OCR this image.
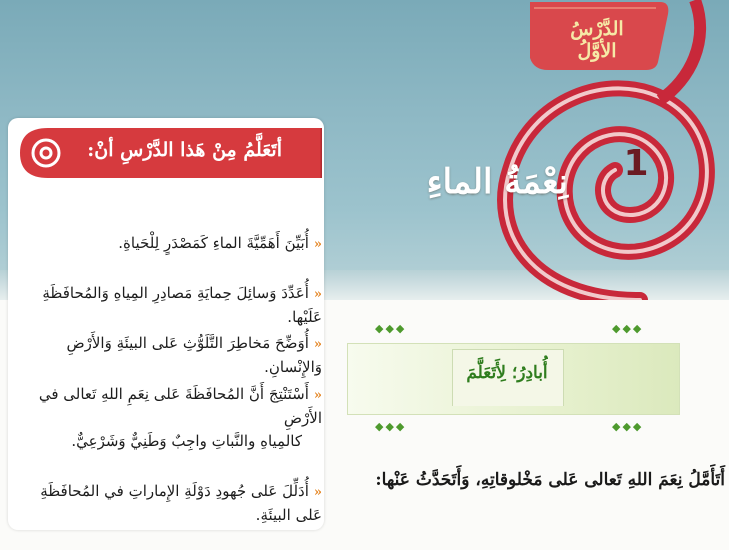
الدَّرْسُ الأوَّلُ
1
نِعْمَةُ الماءِ
أتَعَلَّمُ مِنْ هَذا الدَّرْسِ أنْ:
«أُبَيِّنَ أَهَمِّيَّةَ الماءِ كَمَصْدَرٍ لِلْحَياةِ.
«أُعَدِّدَ وَسائِلَ حِمايَةِ مَصادِرِ المِياهِ وَالمُحافَظَةِ عَلَيْها.
«أُوَضِّحَ مَخاطِرَ التَّلَوُّثِ عَلى البيئَةِ وَالأَرْضِ وَالإِنْسانِ.
«أَسْتَنْتِجَ أَنَّ المُحافَظَةَ عَلى نِعَمِ اللهِ تَعالى في الأَرْضِ
كالمِياهِ والنَّباتِ واجِبٌ وَطَنِيٌّ وَشَرْعِيٌّ.
«أُدَلِّلَ عَلى جُهودِ دَوْلَةِ الإِماراتِ في المُحافَظَةِ عَلى البيئَةِ.
◆◆◆	◆◆◆
أُبادِرُ؛ لِأَتَعَلَّمَ
◆◆◆	◆◆◆
أَتَأَمَّلُ نِعَمَ اللهِ تَعالى عَلى مَخْلوقاتِهِ، وَأَتَحَدَّثُ عَنْها:
